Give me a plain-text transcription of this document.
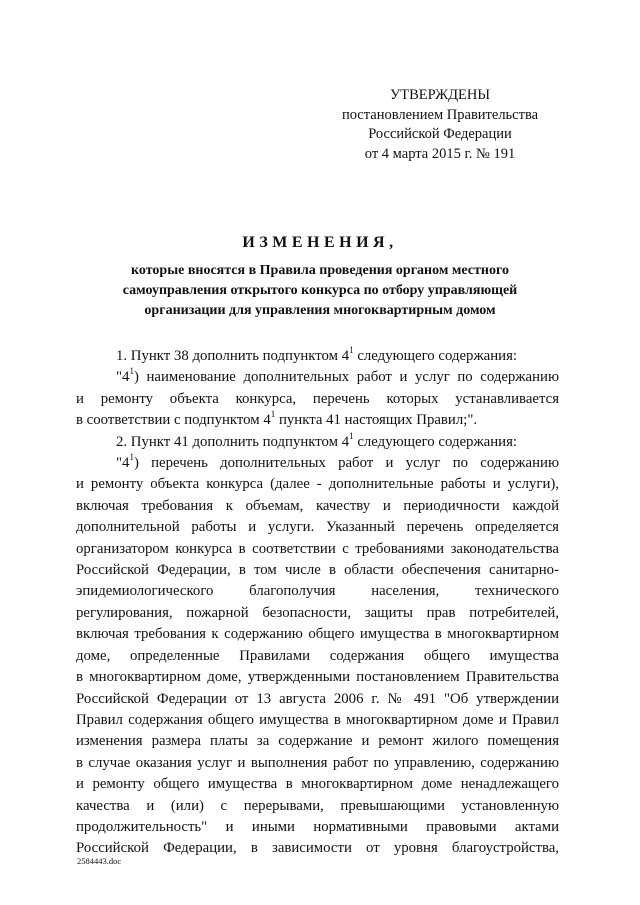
УТВЕРЖДЕНЫ
постановлением Правительства
Российской Федерации
от 4 марта 2015 г. № 191
ИЗМЕНЕНИЯ,
которые вносятся в Правила проведения органом местного самоуправления открытого конкурса по отбору управляющей организации для управления многоквартирным домом

1. Пункт 38 дополнить подпунктом $4^1$ следующего содержания:

"$4^1$) наименование дополнительных работ и услуг по содержанию

и ремонту объекта конкурса, перечень которых устанавливается

в соответствии с подпунктом $4^1$ пункта 41 настоящих Правил;".

2. Пункт 41 дополнить подпунктом $4^1$ следующего содержания:

"$4^1$) перечень дополнительных работ и услуг по содержанию

и ремонту объекта конкурса (далее - дополнительные работы и услуги),

включая требования к объемам, качеству и периодичности каждой

дополнительной работы и услуги. Указанный перечень определяется

организатором конкурса в соответствии с требованиями законодательства

Российской Федерации, в том числе в области обеспечения санитарно-

эпидемиологического благополучия населения, технического

регулирования, пожарной безопасности, защиты прав потребителей,

включая требования к содержанию общего имущества в многоквартирном

доме, определенные Правилами содержания общего имущества

в многоквартирном доме, утвержденными постановлением Правительства

Российской Федерации от 13 августа 2006 г. № 491 "Об утверждении

Правил содержания общего имущества в многоквартирном доме и Правил

изменения размера платы за содержание и ремонт жилого помещения

в случае оказания услуг и выполнения работ по управлению, содержанию

и ремонту общего имущества в многоквартирном доме ненадлежащего

качества и (или) с перерывами, превышающими установленную

продолжительность" и иными нормативными правовыми актами

Российской Федерации, в зависимости от уровня благоустройства,

2584443.doc
